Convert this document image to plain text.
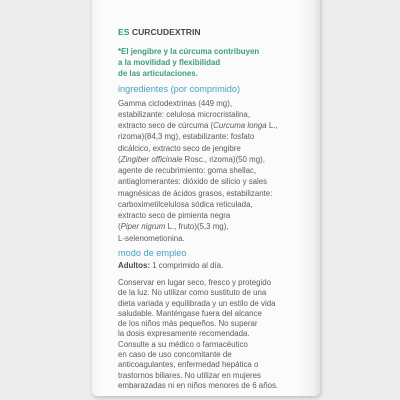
ES CURCUDEXTRIN
*El jengibre y la cúrcuma contribuyen
a la movilidad y flexibilidad
de las articulaciones.
ingredientes (por comprimido)
Gamma ciclodextrinas (449 mg),
estabilizante: celulosa microcristalina,
extracto seco de cúrcuma (Curcuma longa L.,
rizoma)(84,3 mg), estabilizante: fosfato
dicálcico, extracto seco de jengibre
(Zingiber officinale Rosc., rizoma)(50 mg),
agente de recubrimiento: goma shellac,
antiaglomerantes: dióxido de silicio y sales
magnésicas de ácidos grasos, estabilizante:
carboximetilcelulosa sódica reticulada,
extracto seco de pimienta negra
(Piper nigrum L., fruto)(5,3 mg),
L-selenometionina.
modo de empleo
Adultos: 1 comprimido al día.
Conservar en lugar seco, fresco y protegido
de la luz. No utilizar como sustituto de una
dieta variada y equilibrada y un estilo de vida
saludable. Manténgase fuera del alcance
de los niños más pequeños. No superar
la dosis expresamente recomendada.
Consulte a su médico o farmacéutico
en caso de uso concomitante de
anticoagulantes, enfermedad hepática o
trastornos biliares. No utilizar en mujeres
embarazadas ni en niños menores de 6 años.
